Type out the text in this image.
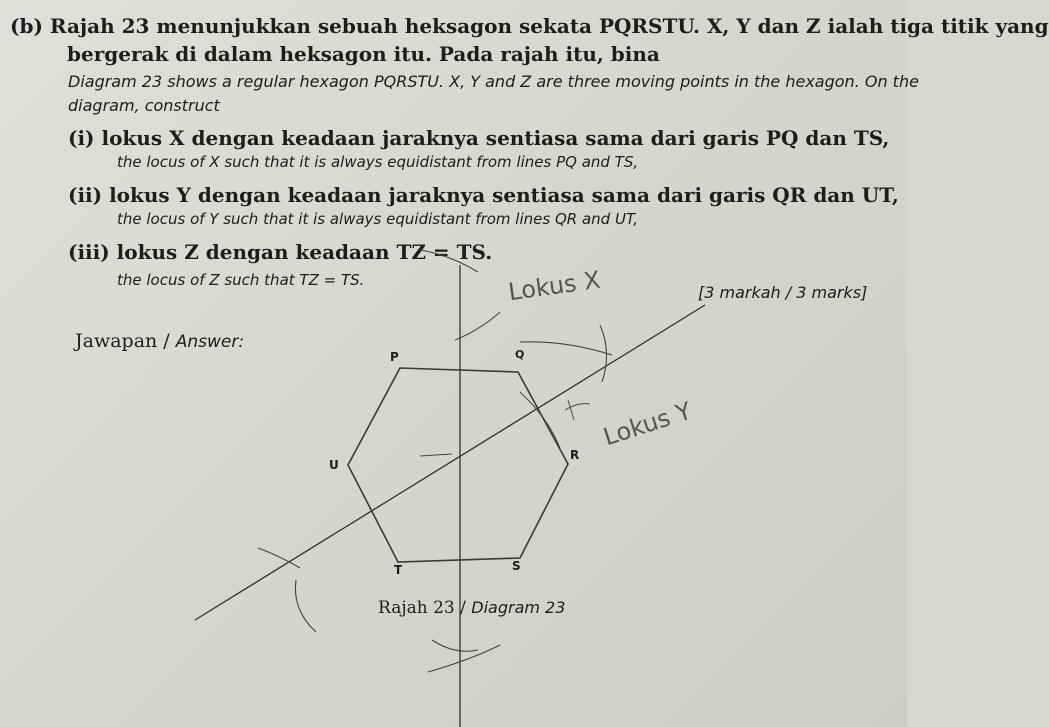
(b) Rajah 23 menunjukkan sebuah heksagon sekata PQRSTU. X, Y dan Z ialah tiga titik yang
bergerak di dalam heksagon itu. Pada rajah itu, bina
Diagram 23 shows a regular hexagon PQRSTU. X, Y and Z are three moving points in the hexagon. On the
diagram, construct
(i) lokus X dengan keadaan jaraknya sentiasa sama dari garis PQ dan TS,
the locus of X such that it is always equidistant from lines PQ and TS,
(ii) lokus Y dengan keadaan jaraknya sentiasa sama dari garis QR dan UT,
the locus of Y such that it is always equidistant from lines QR and UT,
(iii) lokus Z dengan keadaan TZ = TS.
the locus of Z such that TZ = TS.
[3 markah / 3 marks]
Jawapan / Answer:
P	Q
R
S
T
U
Lokus X
Lokus Y
Rajah 23 / Diagram 23
